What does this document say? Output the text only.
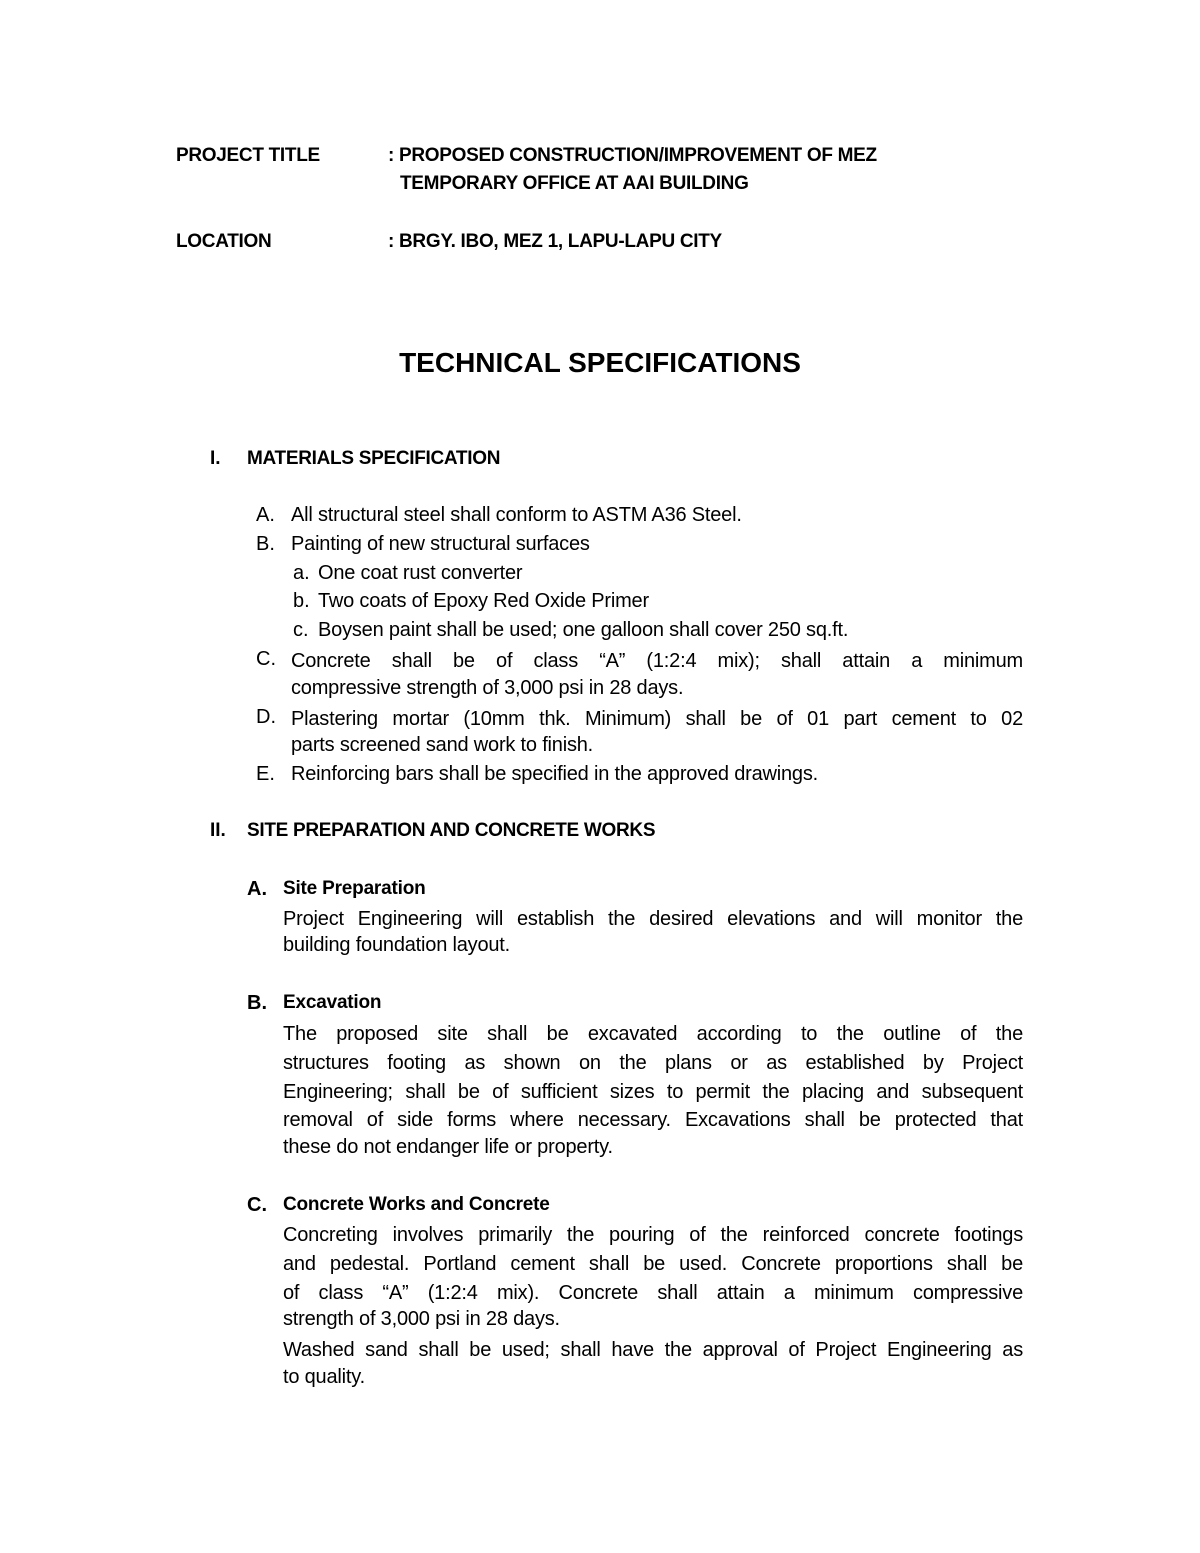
PROJECT TITLE	: PROPOSED CONSTRUCTION/IMPROVEMENT OF MEZ
TEMPORARY OFFICE AT AAI BUILDING
LOCATION	: BRGY. IBO, MEZ 1, LAPU-LAPU CITY
TECHNICAL SPECIFICATIONS
I. MATERIALS SPECIFICATION
A. All structural steel shall conform to ASTM A36 Steel.
B. Painting of new structural surfaces
a. One coat rust converter
b. Two coats of Epoxy Red Oxide Primer
c. Boysen paint shall be used; one galloon shall cover 250 sq.ft.
C. Concrete shall be of class “A” (1:2:4 mix); shall attain a minimum
compressive strength of 3,000 psi in 28 days.
D. Plastering mortar (10mm thk. Minimum) shall be of 01 part cement to 02
parts screened sand work to finish.
E. Reinforcing bars shall be specified in the approved drawings.
II. SITE PREPARATION AND CONCRETE WORKS
A. Site Preparation
Project Engineering will establish the desired elevations and will monitor the
building foundation layout.
B. Excavation
The proposed site shall be excavated according to the outline of the
structures footing as shown on the plans or as established by Project
Engineering; shall be of sufficient sizes to permit the placing and subsequent
removal of side forms where necessary. Excavations shall be protected that
these do not endanger life or property.
C. Concrete Works and Concrete
Concreting involves primarily the pouring of the reinforced concrete footings
and pedestal. Portland cement shall be used. Concrete proportions shall be
of class “A” (1:2:4 mix). Concrete shall attain a minimum compressive
strength of 3,000 psi in 28 days.
Washed sand shall be used; shall have the approval of Project Engineering as
to quality.
